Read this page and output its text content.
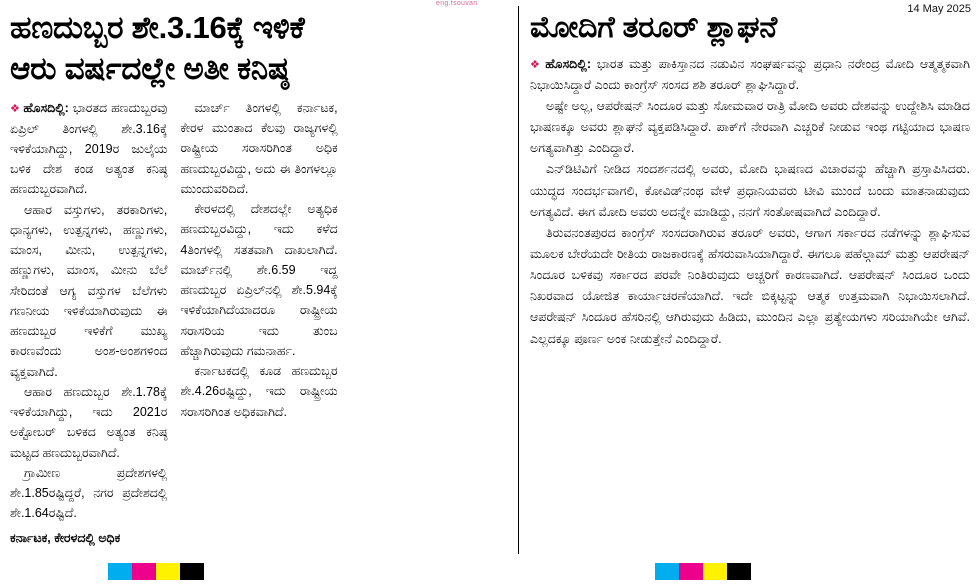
eng.tsouvan	14 May 2025
ಹಣದುಬ್ಬರ ಶೇ.3.16ಕ್ಕೆ ಇಳಿಕೆ
ಆರು ವರ್ಷದಲ್ಲೇ ಅತೀ ಕನಿಷ್ಠ

❖ ಹೊಸದಿಲ್ಲಿ: ಭಾರತದ ಹಣದುಬ್ಬರವು ಏಪ್ರಿಲ್‌ ತಿಂಗಳಲ್ಲಿ ಶೇ.3.16ಕ್ಕೆ ಇಳಿಕೆಯಾಗಿದ್ದು, 2019ರ ಜುಲೈಯ ಬಳಿಕ ದೇಶ ಕಂಡ ಅತ್ಯಂತ ಕನಿಷ್ಠ ಹಣದುಬ್ಬರವಾಗಿದೆ.

ಆಹಾರ ವಸ್ತುಗಳು, ತರಕಾರಿಗಳು, ಧಾನ್ಯಗಳು, ಉತ್ಪನ್ನಗಳು, ಹಣ್ಣುಗಳು, ಮಾಂಸ, ಮೀನು, ಉತ್ಪನ್ನಗಳು, ಹಣ್ಣುಗಳು, ಮಾಂಸ, ಮೀನು ಬೆಲೆ ಸೇರಿದಂತೆ ಆಗ್ಯ ವಸ್ತುಗಳ ಬೆಲೆಗಳು ಗಣನೀಯ ಇಳಿಕೆಯಾಗಿರುವುದು ಈ ಹಣದುಬ್ಬರ ಇಳಿಕೆಗೆ ಮುಖ್ಯ ಕಾರಣವೆಂದು ಅಂಶ-ಅಂಶಗಳಿಂದ ವ್ಯಕ್ತವಾಗಿದೆ.

ಆಹಾರ ಹಣದುಬ್ಬರ ಶೇ.1.78ಕ್ಕೆ ಇಳಿಕೆಯಾಗಿದ್ದು, ಇದು 2021ರ ಅಕ್ಟೋಬರ್‌ ಬಳಿಕದ ಅತ್ಯಂತ ಕನಿಷ್ಠ ಮಟ್ಟದ ಹಣದುಬ್ಬರವಾಗಿದೆ.

ಗ್ರಾಮೀಣ ಪ್ರದೇಶಗಳಲ್ಲಿ ಶೇ.1.85ರಷ್ಟಿದ್ದರೆ, ನಗರ ಪ್ರದೇಶದಲ್ಲಿ ಶೇ.1.64ರಷ್ಟಿದೆ.

ಕರ್ನಾಟಕ, ಕೇರಳದಲ್ಲಿ ಅಧಿಕ

ಮಾರ್ಚ್‌ ತಿಂಗಳಲ್ಲಿ ಕರ್ನಾಟಕ, ಕೇರಳ ಮುಂತಾದ ಕೆಲವು ರಾಜ್ಯಗಳಲ್ಲಿ ರಾಷ್ಟ್ರೀಯ ಸರಾಸರಿಗಿಂತ ಅಧಿಕ ಹಣದುಬ್ಬರವಿದ್ದು, ಅದು ಈ ತಿಂಗಳಲ್ಲೂ ಮುಂದುವರಿದಿದೆ.

ಕೇರಳದಲ್ಲಿ ದೇಶದಲ್ಲೇ ಅತ್ಯಧಿಕ ಹಣದುಬ್ಬರವಿದ್ದು, ಇದು ಕಳೆದ 4ತಿಂಗಳಲ್ಲಿ ಸತತವಾಗಿ ದಾಖಲಾಗಿದೆ. ಮಾರ್ಚ್‌ನಲ್ಲಿ ಶೇ.6.59 ಇದ್ದ ಹಣದುಬ್ಬರ ಏಪ್ರಿಲ್‌ನಲ್ಲಿ ಶೇ.5.94ಕ್ಕೆ ಇಳಿಕೆಯಾಗಿದೆಯಾದರೂ ರಾಷ್ಟ್ರೀಯ ಸರಾಸರಿಯ ಇದು ತುಂಬ ಹೆಚ್ಚಾಗಿರುವುದು ಗಮನಾರ್ಹ.

ಕರ್ನಾಟಕದಲ್ಲಿ ಕೂಡ ಹಣದುಬ್ಬರ ಶೇ.4.26ರಷ್ಟಿದ್ದು, ಇದು ರಾಷ್ಟ್ರೀಯ ಸರಾಸರಿಗಿಂತ ಅಧಿಕವಾಗಿದೆ.

ಮೋದಿಗೆ ತರೂರ್‌ ಶ್ಲಾಘನೆ

❖ ಹೊಸದಿಲ್ಲಿ: ಭಾರತ ಮತ್ತು ಪಾಕಿಸ್ತಾನದ ನಡುವಿನ ಸಂಘರ್ಷವನ್ನು ಪ್ರಧಾನಿ ನರೇಂದ್ರ ಮೋದಿ ಆತ್ಮತ್ಮಕವಾಗಿ ನಿಭಾಯಿಸಿದ್ದಾರೆ ಎಂದು ಕಾಂಗ್ರೆಸ್‌ ಸಂಸದ ಶಶಿ ತರೂರ್‌ ಶ್ಲಾಘಿಸಿದ್ದಾರೆ.

ಅಷ್ಟೇ ಅಲ್ಲ, ಆಪರೇಷನ್‌ ಸಿಂದೂರ ಮತ್ತು ಸೋಮವಾರ ರಾತ್ರಿ ಮೋದಿ ಅವರು ದೇಶವನ್ನು ಉದ್ದೇಶಿಸಿ ಮಾಡಿದ ಭಾಷಣಕ್ಕೂ ಅವರು ಶ್ಲಾಘನೆ ವ್ಯಕ್ತಪಡಿಸಿದ್ದಾರೆ. ಪಾಕ್‌ಗೆ ನೇರವಾಗಿ ಎಚ್ಚರಿಕೆ ನೀಡುವ ಇಂಥ ಗಟ್ಟಿಯಾದ ಭಾಷಣ ಅಗತ್ಯವಾಗಿತ್ತು ಎಂದಿದ್ದಾರೆ.

ಎನ್‌ಡಿಟಿವಿಗೆ ನೀಡಿದ ಸಂದರ್ಶನದಲ್ಲಿ ಅವರು, ಮೋದಿ ಭಾಷಣದ ವಿಚಾರವನ್ನು ಹೆಚ್ಚಾಗಿ ಪ್ರಸ್ತಾಪಿಸಿದರು. ಯುದ್ಧದ ಸಂದರ್ಭವಾಗಲಿ, ಕೋವಿಡ್‌ನಂಥ ವೇಳೆ ಪ್ರಧಾನಿಯವರು ಟೀವಿ ಮುಂದೆ ಬಂದು ಮಾತನಾಡುವುದು ಅಗತ್ಯವಿದೆ. ಈಗ ಮೋದಿ ಅವರು ಅದನ್ನೇ ಮಾಡಿದ್ದು, ನನಗೆ ಸಂತೋಷವಾಗಿದೆ ಎಂದಿದ್ದಾರೆ.

ತಿರುವನಂತಪುರದ ಕಾಂಗ್ರೆಸ್‌ ಸಂಸದರಾಗಿರುವ ತರೂರ್‌ ಅವರು, ಆಗಾಗ ಸರ್ಕಾರದ ನಡೆಗಳನ್ನು ಶ್ಲಾಘಿಸುವ ಮೂಲಕ ಬೇರೆಯದೇ ರೀತಿಯ ರಾಜಕಾರಣಕ್ಕೆ ಹೆಸರುವಾಸಿಯಾಗಿದ್ದಾರೆ. ಈಗಲೂ ಪಹೆಲ್ಗಾಮ್‌ ಮತ್ತು ಆಪರೇಷನ್‌ ಸಿಂದೂರ ಬಳಿಕವು ಸರ್ಕಾರದ ಪರವೇ ನಿಂತಿರುವುದು ಅಚ್ಚರಿಗೆ ಕಾರಣವಾಗಿದೆ. ಆಪರೇಷನ್‌ ಸಿಂದೂರ ಒಂದು ನಿಖರವಾದ ಯೋಜಿತ ಕಾರ್ಯಾಚರಣೆಯಾಗಿದೆ. ಇದೇ ಬಿಕ್ಕಟ್ಟನ್ನು ಆತ್ಮಕ ಉತ್ತಮವಾಗಿ ನಿಭಾಯಿಸಲಾಗಿದೆ. ಆಪರೇಷನ್‌ ಸಿಂದೂರ ಹೆಸರಿನಲ್ಲಿ ಆಗಿರುವುದು ಹಿಡಿದು, ಮುಂದಿನ ಎಲ್ಲಾ ಪ್ರತ್ಯೇಯಗಳು ಸರಿಯಾಗಿಯೇ ಆಗಿವೆ. ಎಲ್ಲದಕ್ಕೂ ಪೂರ್ಣ ಅಂಕ ನೀಡುತ್ತೇನೆ ಎಂದಿದ್ದಾರೆ.
